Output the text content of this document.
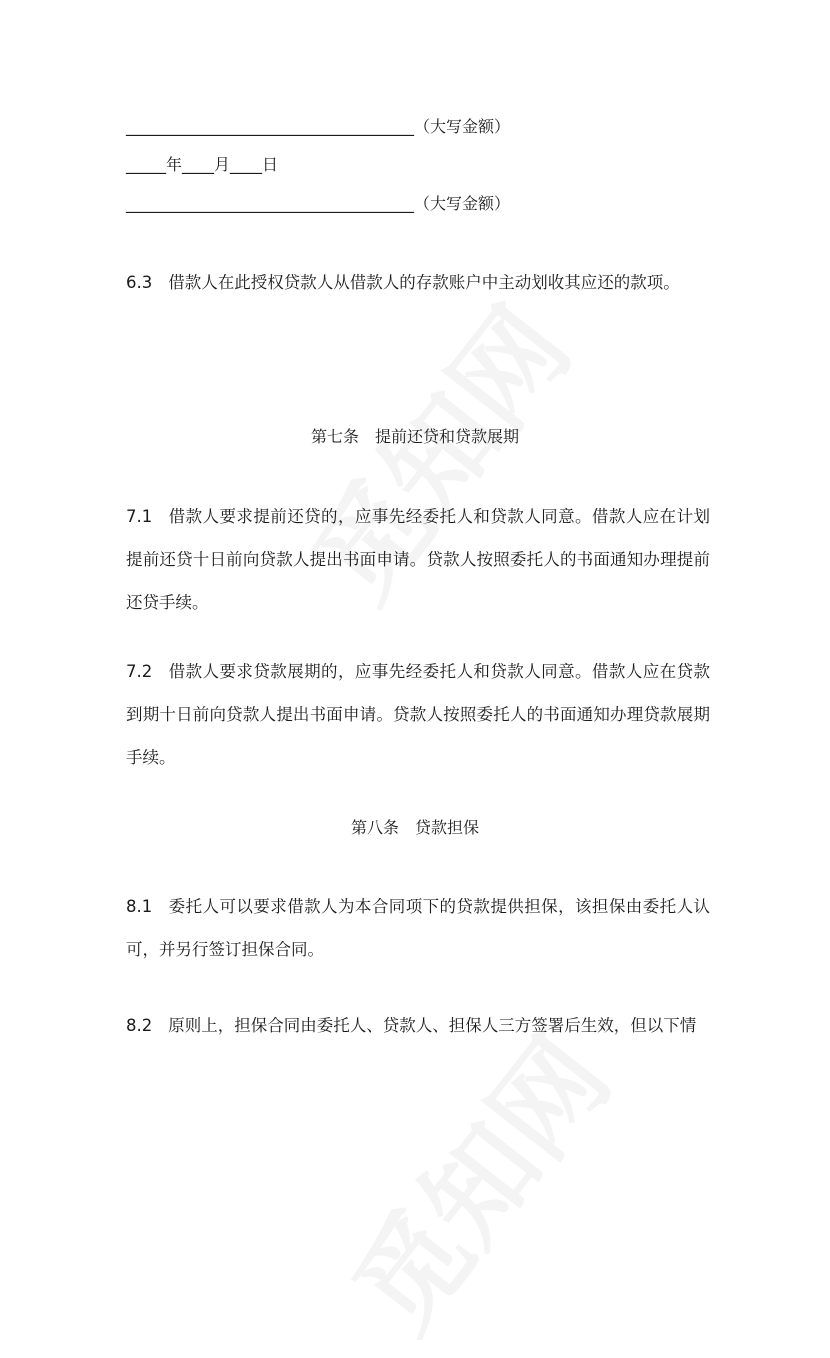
____________________________________（大写金额）
_____年____月____日
____________________________________（大写金额）
6.3 借款人在此授权贷款人从借款人的存款账户中主动划收其应还的款项。
第七条 提前还贷和贷款展期
7.1 借款人要求提前还贷的，应事先经委托人和贷款人同意。借款人应在计划提前还贷十日前向贷款人提出书面申请。贷款人按照委托人的书面通知办理提前还贷手续。
7.2 借款人要求贷款展期的，应事先经委托人和贷款人同意。借款人应在贷款到期十日前向贷款人提出书面申请。贷款人按照委托人的书面通知办理贷款展期手续。
第八条 贷款担保
8.1 委托人可以要求借款人为本合同项下的贷款提供担保，该担保由委托人认可，并另行签订担保合同。
8.2 原则上，担保合同由委托人、贷款人、担保人三方签署后生效，但以下情
